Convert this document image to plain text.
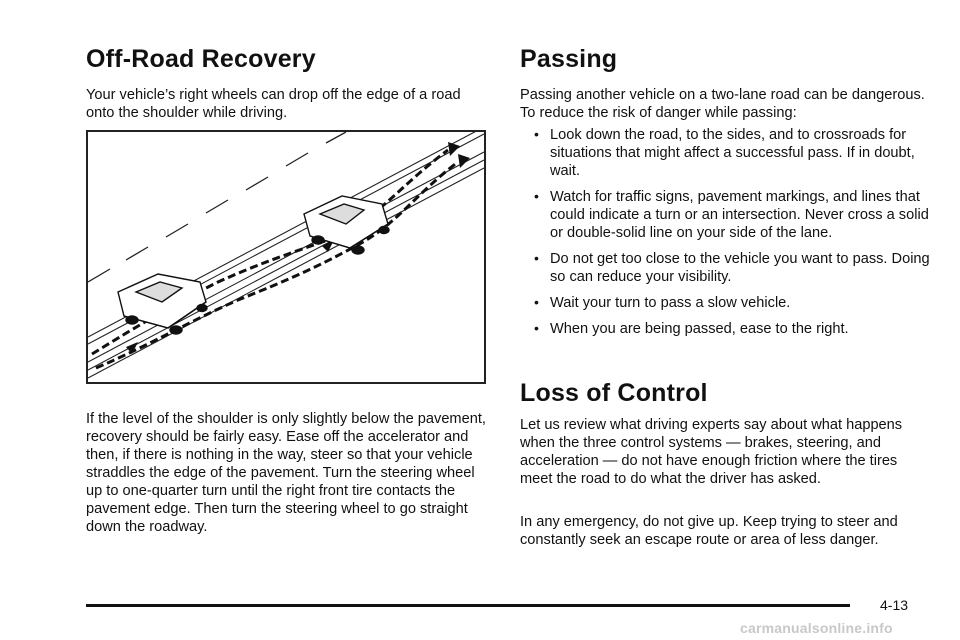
Off-Road Recovery

Your vehicle’s right wheels can drop off the edge of a road onto the shoulder while driving.

If the level of the shoulder is only slightly below the pavement, recovery should be fairly easy. Ease off the accelerator and then, if there is nothing in the way, steer so that your vehicle straddles the edge of the pavement. Turn the steering wheel up to one-quarter turn until the right front tire contacts the pavement edge. Then turn the steering wheel to go straight down the roadway.

Passing

Passing another vehicle on a two-lane road can be dangerous. To reduce the risk of danger while passing:

• Look down the road, to the sides, and to crossroads for situations that might affect a successful pass. If in doubt, wait.
• Watch for traffic signs, pavement markings, and lines that could indicate a turn or an intersection. Never cross a solid or double-solid line on your side of the lane.
• Do not get too close to the vehicle you want to pass. Doing so can reduce your visibility.
• Wait your turn to pass a slow vehicle.
• When you are being passed, ease to the right.
Loss of Control

Let us review what driving experts say about what happens when the three control systems — brakes, steering, and acceleration — do not have enough friction where the tires meet the road to do what the driver has asked.

In any emergency, do not give up. Keep trying to steer and constantly seek an escape route or area of less danger.

4-13
carmanualsonline.info
